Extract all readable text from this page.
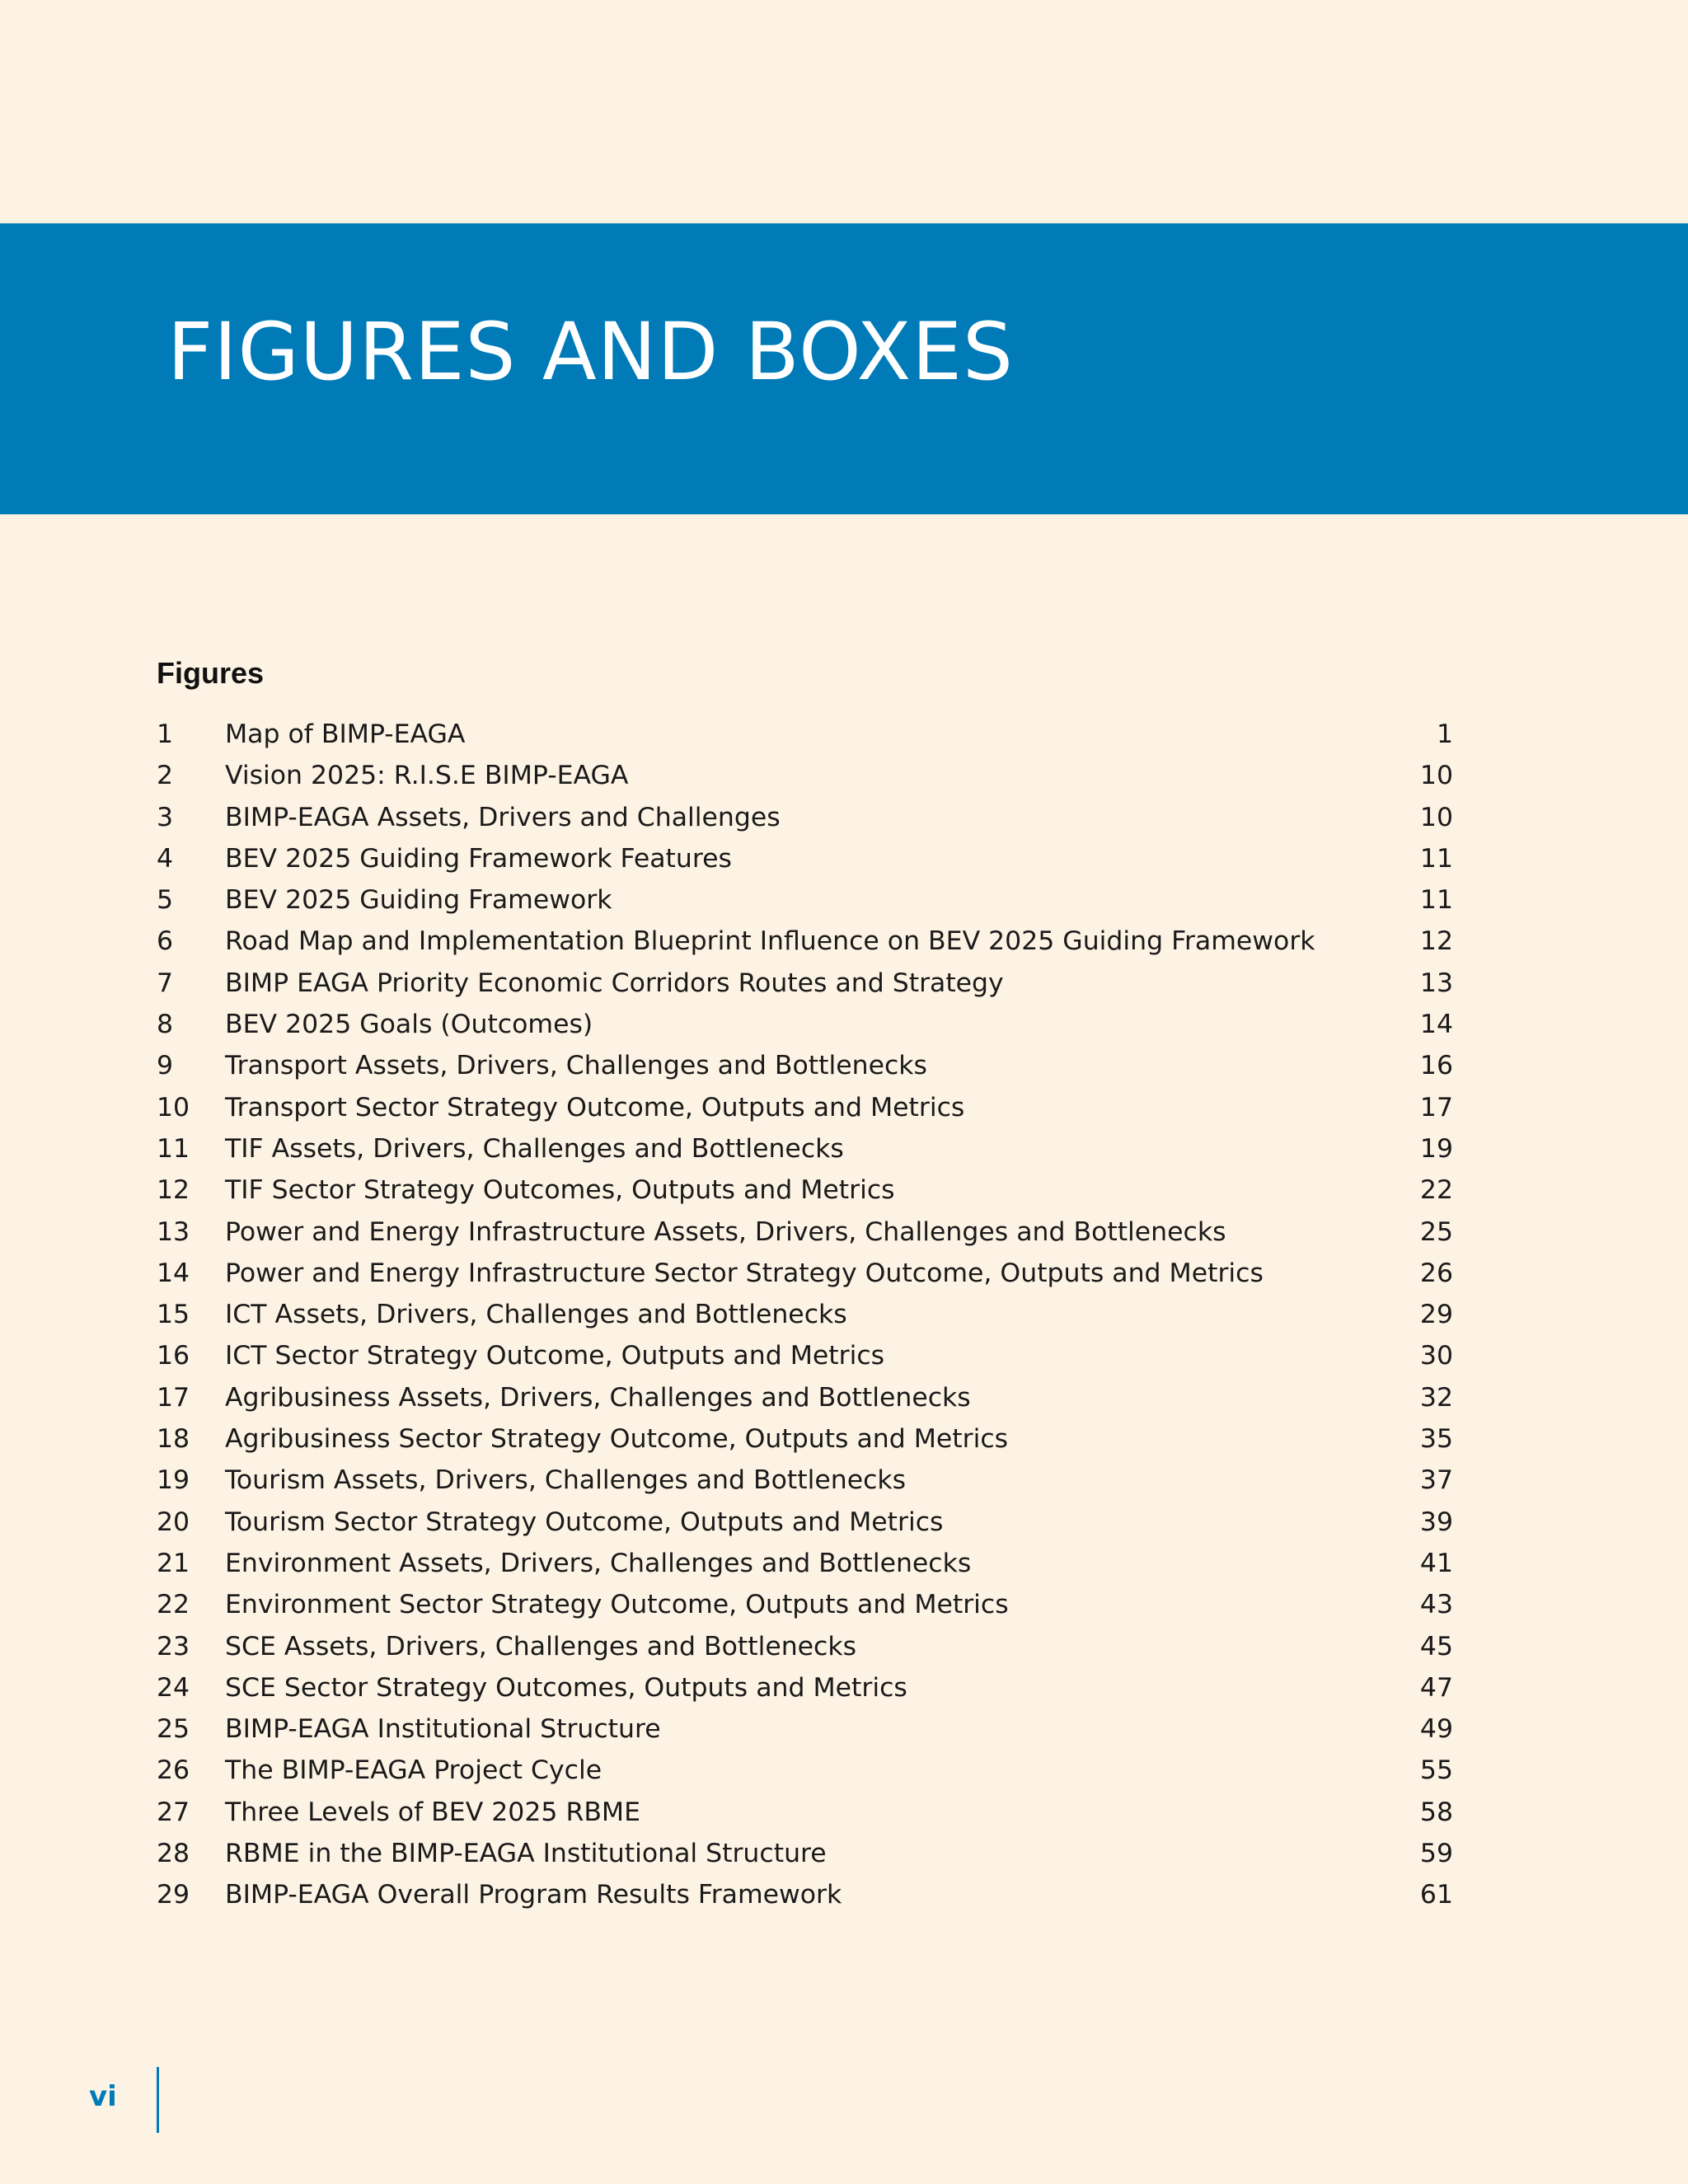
FIGURES AND BOXES
Figures
1 Map of BIMP-EAGA	1
2 Vision 2025: R.I.S.E BIMP-EAGA	10
3 BIMP-EAGA Assets, Drivers and Challenges	10
4 BEV 2025 Guiding Framework Features	11
5 BEV 2025 Guiding Framework	11
6 Road Map and Implementation Blueprint Influence on BEV 2025 Guiding Framework	12
7 BIMP EAGA Priority Economic Corridors Routes and Strategy	13
8 BEV 2025 Goals (Outcomes)	14
9 Transport Assets, Drivers, Challenges and Bottlenecks	16
10 Transport Sector Strategy Outcome, Outputs and Metrics	17
11 TIF Assets, Drivers, Challenges and Bottlenecks	19
12 TIF Sector Strategy Outcomes, Outputs and Metrics	22
13 Power and Energy Infrastructure Assets, Drivers, Challenges and Bottlenecks	25
14 Power and Energy Infrastructure Sector Strategy Outcome, Outputs and Metrics	26
15 ICT Assets, Drivers, Challenges and Bottlenecks	29
16 ICT Sector Strategy Outcome, Outputs and Metrics	30
17 Agribusiness Assets, Drivers, Challenges and Bottlenecks	32
18 Agribusiness Sector Strategy Outcome, Outputs and Metrics	35
19 Tourism Assets, Drivers, Challenges and Bottlenecks	37
20 Tourism Sector Strategy Outcome, Outputs and Metrics	39
21 Environment Assets, Drivers, Challenges and Bottlenecks	41
22 Environment Sector Strategy Outcome, Outputs and Metrics	43
23 SCE Assets, Drivers, Challenges and Bottlenecks	45
24 SCE Sector Strategy Outcomes, Outputs and Metrics	47
25 BIMP-EAGA Institutional Structure	49
26 The BIMP-EAGA Project Cycle	55
27 Three Levels of BEV 2025 RBME	58
28 RBME in the BIMP-EAGA Institutional Structure	59
29 BIMP-EAGA Overall Program Results Framework	61
vi
